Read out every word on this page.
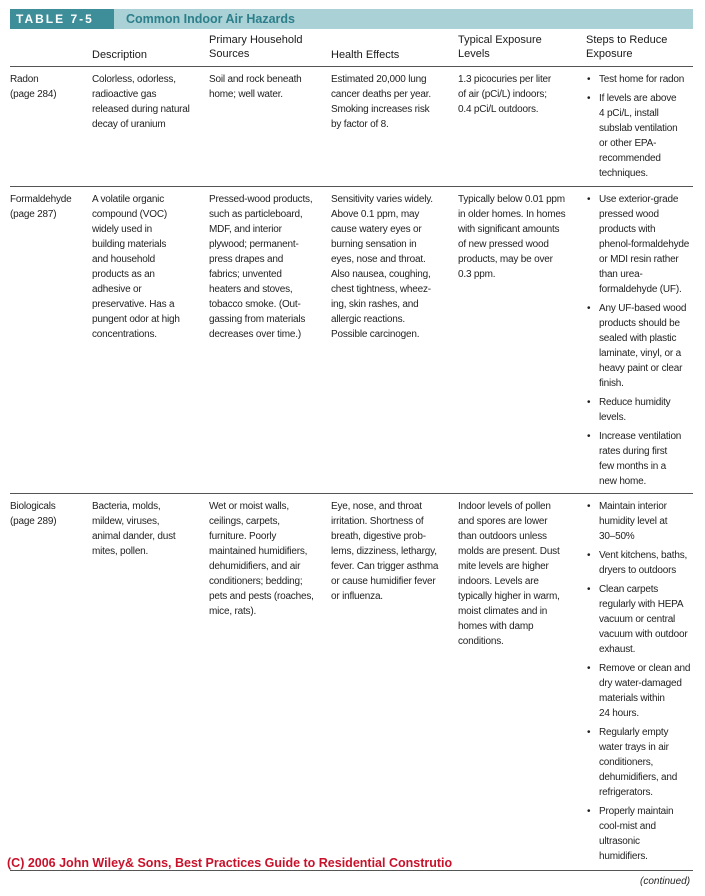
TABLE 7-5	Common Indoor Air Hazards
Description
Primary Household
Sources	Health Effects
Typical Exposure
Levels
Steps to Reduce
Exposure
Radon
(page 284)
Colorless, odorless,
radioactive gas
released during natural
decay of uranium
Soil and rock beneath
home; well water.
Estimated 20,000 lung
cancer deaths per year.
Smoking increases risk
by factor of 8.
1.3 picocuries per liter
of air (pCi/L) indoors;
0.4 pCi/L outdoors.
• Test home for radon
• If levels are above
4 pCi/L, install
subslab ventilation
or other EPA-
recommended
techniques.
Formaldehyde
(page 287)
A volatile organic
compound (VOC)
widely used in
building materials
and household
products as an
adhesive or
preservative. Has a
pungent odor at high
concentrations.
Pressed-wood products,
such as particleboard,
MDF, and interior
plywood; permanent-
press drapes and
fabrics; unvented
heaters and stoves,
tobacco smoke. (Out-
gassing from materials
decreases over time.)
Sensitivity varies widely.
Above 0.1 ppm, may
cause watery eyes or
burning sensation in
eyes, nose and throat.
Also nausea, coughing,
chest tightness, wheez-
ing, skin rashes, and
allergic reactions.
Possible carcinogen.
Typically below 0.01 ppm
in older homes. In homes
with significant amounts
of new pressed wood
products, may be over
0.3 ppm.
• Use exterior-grade
pressed wood
products with
phenol-formaldehyde
or MDI resin rather
than urea-
formaldehyde (UF).
• Any UF-based wood
products should be
sealed with plastic
laminate, vinyl, or a
heavy paint or clear
finish.
• Reduce humidity
levels.
• Increase ventilation
rates during first
few months in a
new home.
Biologicals
(page 289)
Bacteria, molds,
mildew, viruses,
animal dander, dust
mites, pollen.
Wet or moist walls,
ceilings, carpets,
furniture. Poorly
maintained humidifiers,
dehumidifiers, and air
conditioners; bedding;
pets and pests (roaches,
mice, rats).
Eye, nose, and throat
irritation. Shortness of
breath, digestive prob-
lems, dizziness, lethargy,
fever. Can trigger asthma
or cause humidifier fever
or influenza.
Indoor levels of pollen
and spores are lower
than outdoors unless
molds are present. Dust
mite levels are higher
indoors. Levels are
typically higher in warm,
moist climates and in
homes with damp
conditions.
• Maintain interior
humidity level at
30–50%
• Vent kitchens, baths,
dryers to outdoors
• Clean carpets
regularly with HEPA
vacuum or central
vacuum with outdoor
exhaust.
• Remove or clean and
dry water-damaged
materials within
24 hours.
• Regularly empty
water trays in air
conditioners,
dehumidifiers, and
refrigerators.
• Properly maintain
cool-mist and
ultrasonic
humidifiers.
(C) 2006 John Wiley& Sons, Best Practices Guide to Residential Construtio
(continued)
